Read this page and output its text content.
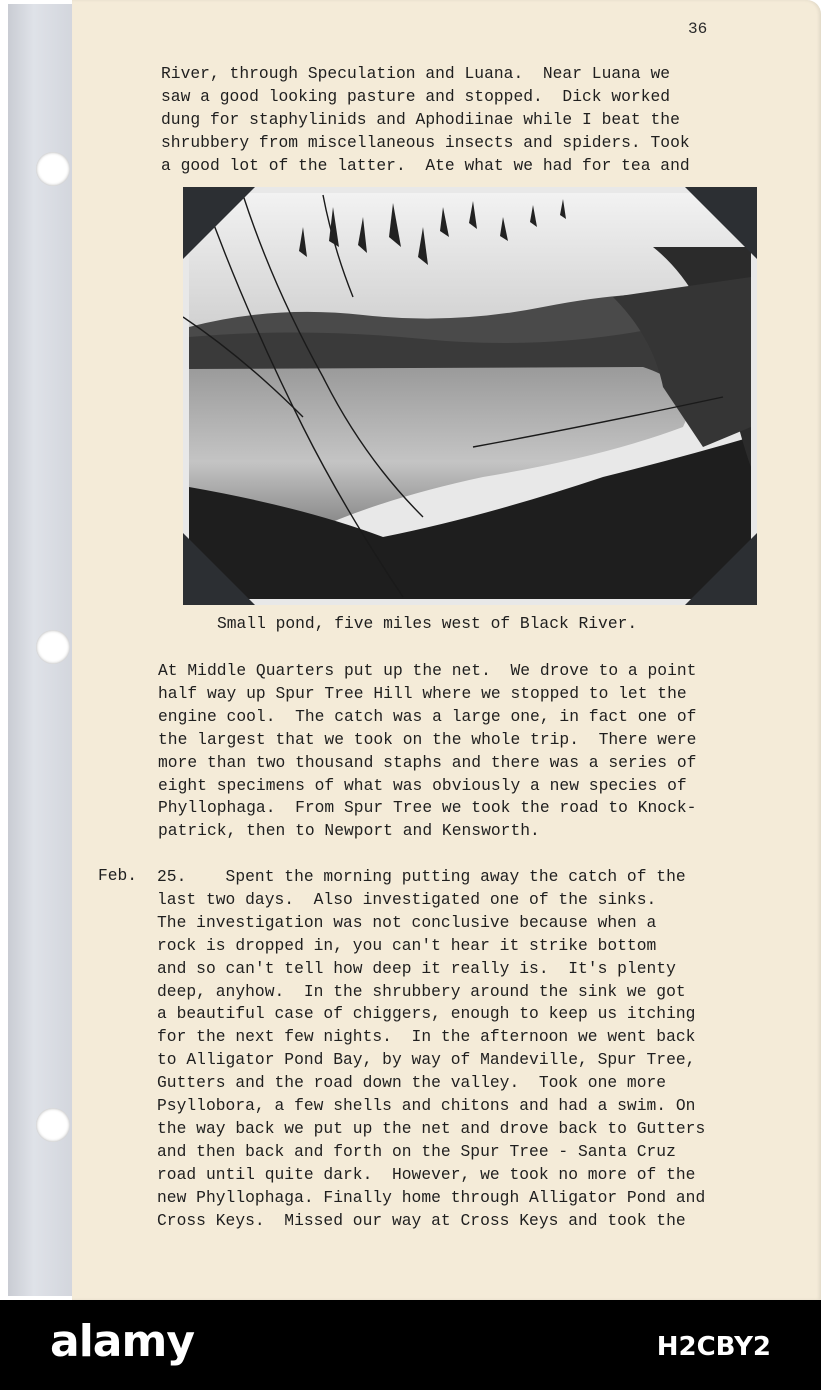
36

River, through Speculation and Luana.  Near Luana we
saw a good looking pasture and stopped.  Dick worked
dung for staphylinids and Aphodiinae while I beat the
shrubbery from miscellaneous insects and spiders. Took
a good lot of the latter.  Ate what we had for tea and

Small pond, five miles west of Black River.

At Middle Quarters put up the net.  We drove to a point
half way up Spur Tree Hill where we stopped to let the
engine cool.  The catch was a large one, in fact one of
the largest that we took on the whole trip.  There were
more than two thousand staphs and there was a series of
eight specimens of what was obviously a new species of
Phyllophaga.  From Spur Tree we took the road to Knock-
patrick, then to Newport and Kensworth.

Feb. 25.    Spent the morning putting away the catch of the
last two days.  Also investigated one of the sinks.
The investigation was not conclusive because when a
rock is dropped in, you can't hear it strike bottom
and so can't tell how deep it really is.  It's plenty
deep, anyhow.  In the shrubbery around the sink we got
a beautiful case of chiggers, enough to keep us itching
for the next few nights.  In the afternoon we went back
to Alligator Pond Bay, by way of Mandeville, Spur Tree,
Gutters and the road down the valley.  Took one more
Psyllobora, a few shells and chitons and had a swim. On
the way back we put up the net and drove back to Gutters
and then back and forth on the Spur Tree - Santa Cruz
road until quite dark.  However, we took no more of the
new Phyllophaga. Finally home through Alligator Pond and
Cross Keys.  Missed our way at Cross Keys and took the

alamy	H2CBY2
